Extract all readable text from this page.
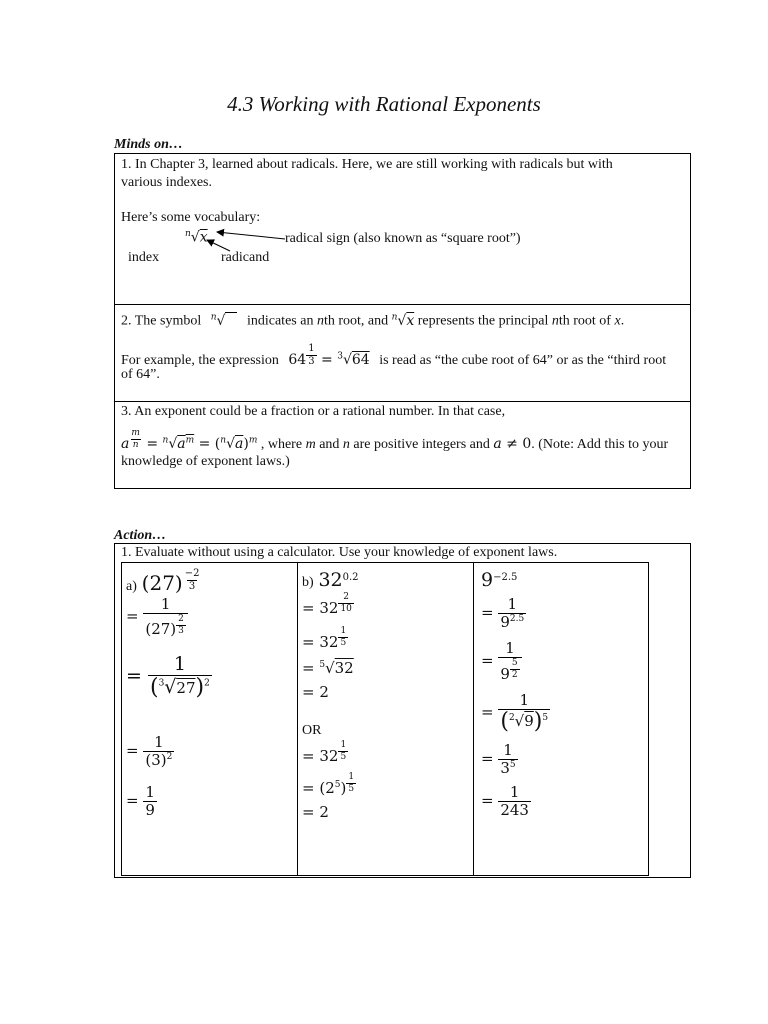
4.3 Working with Rational Exponents
Minds on…
1. In Chapter 3, learned about radicals. Here, we are still working with radicals but with
various indexes.
Here’s some vocabulary:
$^n$√x	radical sign (also known as “square root”)
index	radicand
2. The symbol $^n$√ indicates an nth root, and $^n$√x represents the principal nth root of x.
For example, the expression 64 $^{\frac{1}{3}}$ = $^3$√64 is read as “the cube root of 64” or as the “third root
of 64”.
3. An exponent could be a fraction or a rational number. In that case,
a $^{\frac{m}{n}} = ^n√a^m = (^n√a)^m$ , where m and n are positive integers and a ≠ 0. (Note: Add this to your
knowledge of exponent laws.)
Action…
1. Evaluate without using a calculator. Use your knowledge of exponent laws.
a) (27) $^{\frac{-2}{3}}$
= 1
(27) $^{\frac{2}{3}}$
= $\frac{1}{(^3√27)^2}$
= $\frac{1}{(3)^2}$
= $\frac{1}{9}$
b) $32^{0.2}$
= 32 $^{\frac{2}{10}}$
= 32 $^{\frac{1}{5}}$
= $^5$√32
= 2
OR
= 32 $^{\frac{1}{5}}$
= $(2^5)$ $^{\frac{1}{5}}$
= 2
$9^{-2.5}$
= $\frac{1}{9^{2.5}}$
= 1
9 $^{\frac{5}{2}}$
= $\frac{1}{(^2√9)^5}$
= $\frac{1}{3^5}$
= $\frac{1}{243}$
